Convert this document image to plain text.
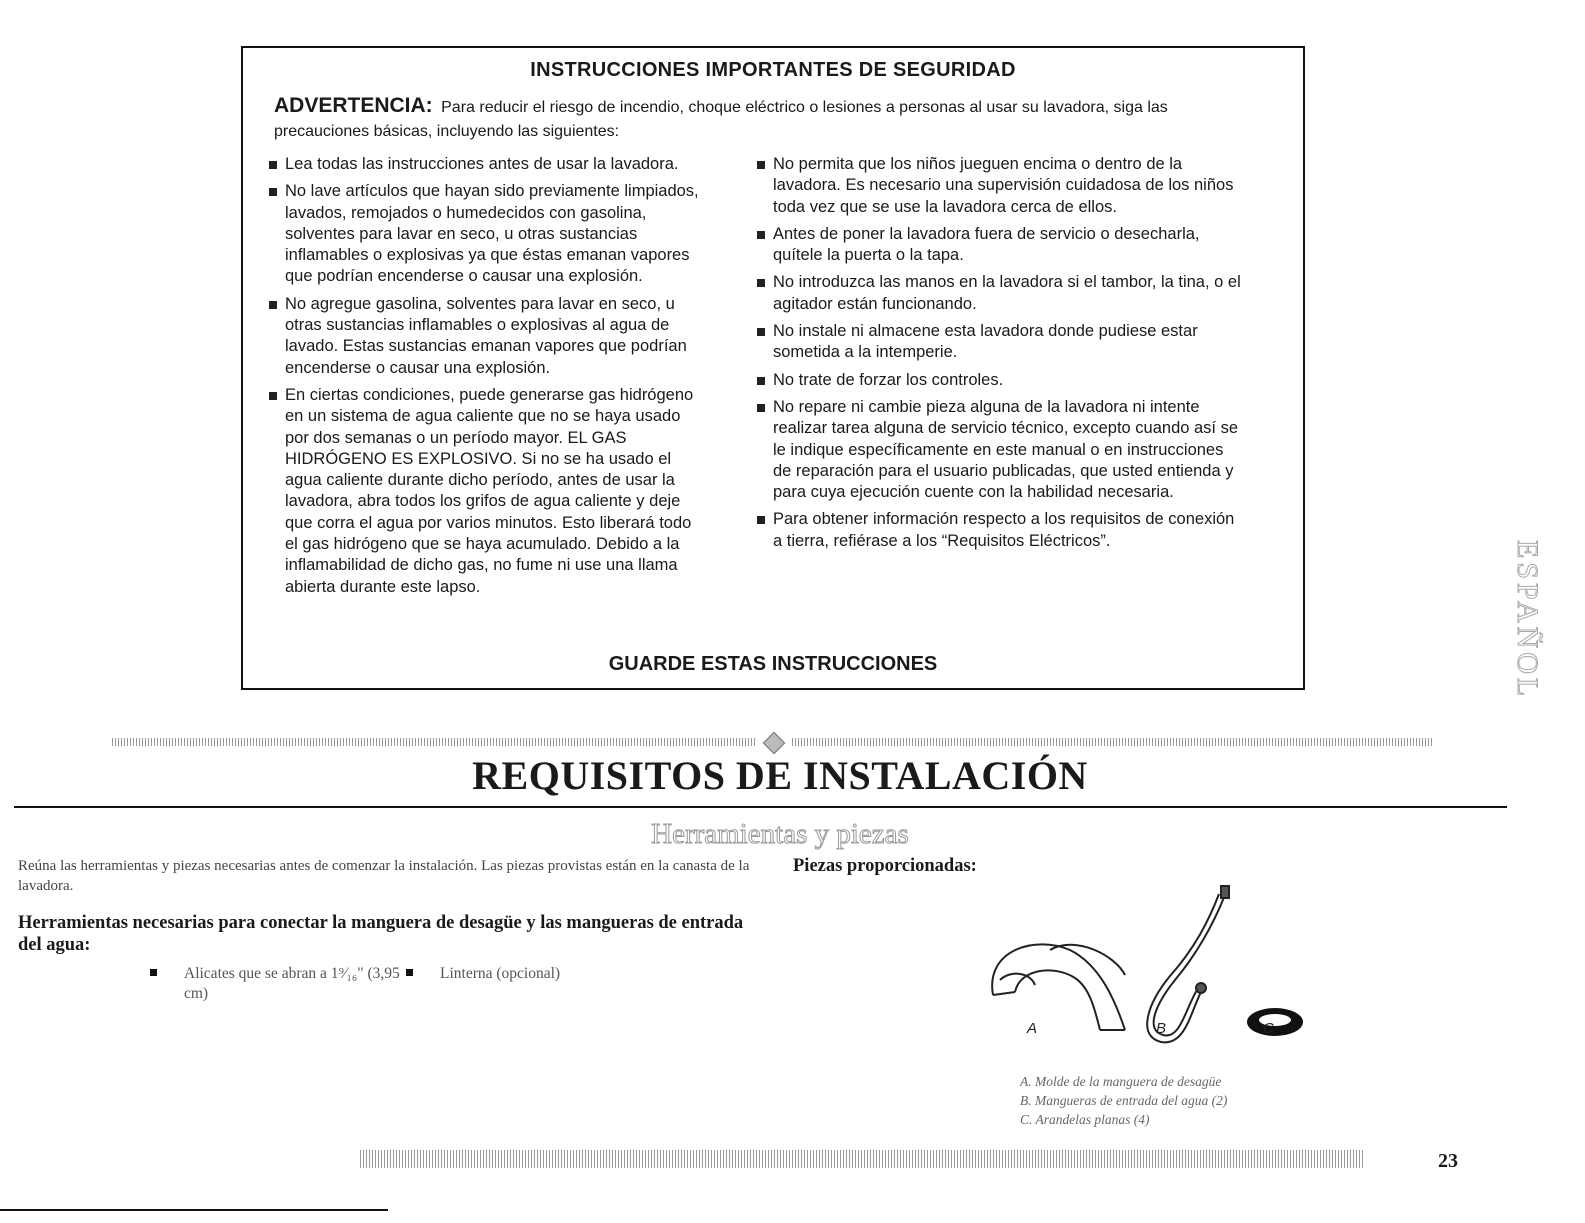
INSTRUCCIONES IMPORTANTES DE SEGURIDAD

ADVERTENCIA: Para reducir el riesgo de incendio, choque eléctrico o lesiones a personas al usar su lavadora, siga las precauciones básicas, incluyendo las siguientes:

Lea todas las instrucciones antes de usar la lavadora.
No lave artículos que hayan sido previamente limpiados, lavados, remojados o humedecidos con gasolina, solventes para lavar en seco, u otras sustancias inflamables o explosivas ya que éstas emanan vapores que podrían encenderse o causar una explosión.
No agregue gasolina, solventes para lavar en seco, u otras sustancias inflamables o explosivas al agua de lavado. Estas sustancias emanan vapores que podrían encenderse o causar una explosión.
En ciertas condiciones, puede generarse gas hidrógeno en un sistema de agua caliente que no se haya usado por dos semanas o un período mayor. EL GAS HIDRÓGENO ES EXPLOSIVO. Si no se ha usado el agua caliente durante dicho período, antes de usar la lavadora, abra todos los grifos de agua caliente y deje que corra el agua por varios minutos. Esto liberará todo el gas hidrógeno que se haya acumulado. Debido a la inflamabilidad de dicho gas, no fume ni use una llama abierta durante este lapso.
No permita que los niños jueguen encima o dentro de la lavadora. Es necesario una supervisión cuidadosa de los niños toda vez que se use la lavadora cerca de ellos.
Antes de poner la lavadora fuera de servicio o desecharla, quítele la puerta o la tapa.
No introduzca las manos en la lavadora si el tambor, la tina, o el agitador están funcionando.
No instale ni almacene esta lavadora donde pudiese estar sometida a la intemperie.
No trate de forzar los controles.
No repare ni cambie pieza alguna de la lavadora ni intente realizar tarea alguna de servicio técnico, excepto cuando así se le indique específicamente en este manual o en instrucciones de reparación para el usuario publicadas, que usted entienda y para cuya ejecución cuente con la habilidad necesaria.
Para obtener información respecto a los requisitos de conexión a tierra, refiérase a los “Requisitos Eléctricos”.

GUARDE ESTAS INSTRUCCIONES	ESPAÑOL
REQUISITOS DE INSTALACIÓN
Herramientas y piezas

Reúna las herramientas y piezas necesarias antes de comenzar la instalación. Las piezas provistas están en la canasta de la lavadora.

Herramientas necesarias para conectar la manguera de desagüe y las mangueras de entrada del agua:
Alicates que se abran a 1⁹⁄₁₆" (3,95 cm)
Linterna (opcional)
Piezas proporcionadas:
A	B	C
A. Molde de la manguera de desagüe
B. Mangueras de entrada del agua (2)
C. Arandelas planas (4)
23
